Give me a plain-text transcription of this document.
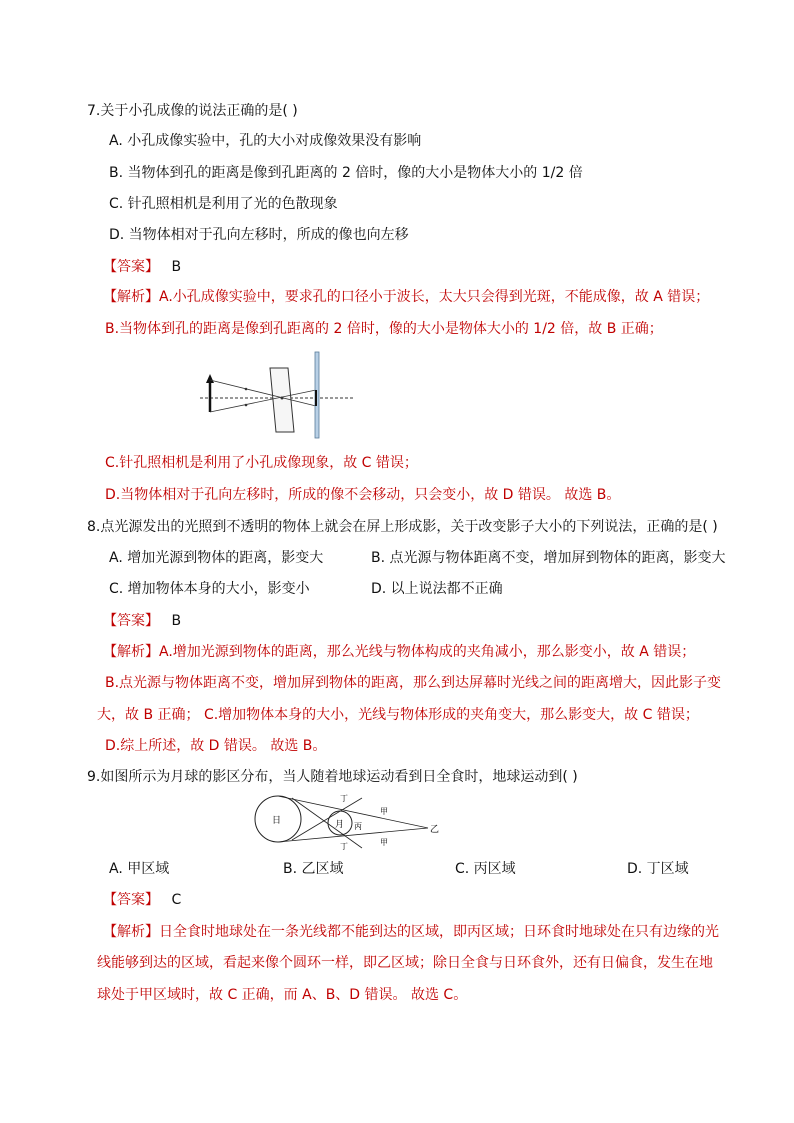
7.关于小孔成像的说法正确的是( )
A. 小孔成像实验中，孔的大小对成像效果没有影响
B. 当物体到孔的距离是像到孔距离的 2 倍时，像的大小是物体大小的 1/2 倍
C. 针孔照相机是利用了光的色散现象
D. 当物体相对于孔向左移时，所成的像也向左移
【答案】 B
【解析】A.小孔成像实验中，要求孔的口径小于波长，太大只会得到光斑，不能成像，故 A 错误；
B.当物体到孔的距离是像到孔距离的 2 倍时，像的大小是物体大小的 1/2 倍，故 B 正确；
C.针孔照相机是利用了小孔成像现象，故 C 错误；
D.当物体相对于孔向左移时，所成的像不会移动，只会变小，故 D 错误。 故选 B。
8.点光源发出的光照到不透明的物体上就会在屏上形成影，关于改变影子大小的下列说法，正确的是( )
A. 增加光源到物体的距离，影变大	B. 点光源与物体距离不变，增加屏到物体的距离，影变大
C. 增加物体本身的大小，影变小	D. 以上说法都不正确
【答案】 B
【解析】A.增加光源到物体的距离，那么光线与物体构成的夹角减小，那么影变小，故 A 错误；
B.点光源与物体距离不变，增加屏到物体的距离，那么到达屏幕时光线之间的距离增大，因此影子变
大，故 B 正确； C.增加物体本身的大小，光线与物体形成的夹角变大，那么影变大，故 C 错误；
D.综上所述，故 D 错误。 故选 B。
9.如图所示为月球的影区分布，当人随着地球运动看到日全食时，地球运动到( )
日	月 丙
丁
丁
甲
甲
乙
A. 甲区域	B. 乙区域	C. 丙区域	D. 丁区域
【答案】 C
【解析】日全食时地球处在一条光线都不能到达的区域，即丙区域；日环食时地球处在只有边缘的光
线能够到达的区域，看起来像个圆环一样，即乙区域；除日全食与日环食外，还有日偏食，发生在地
球处于甲区域时，故 C 正确，而 A、B、D 错误。 故选 C。
